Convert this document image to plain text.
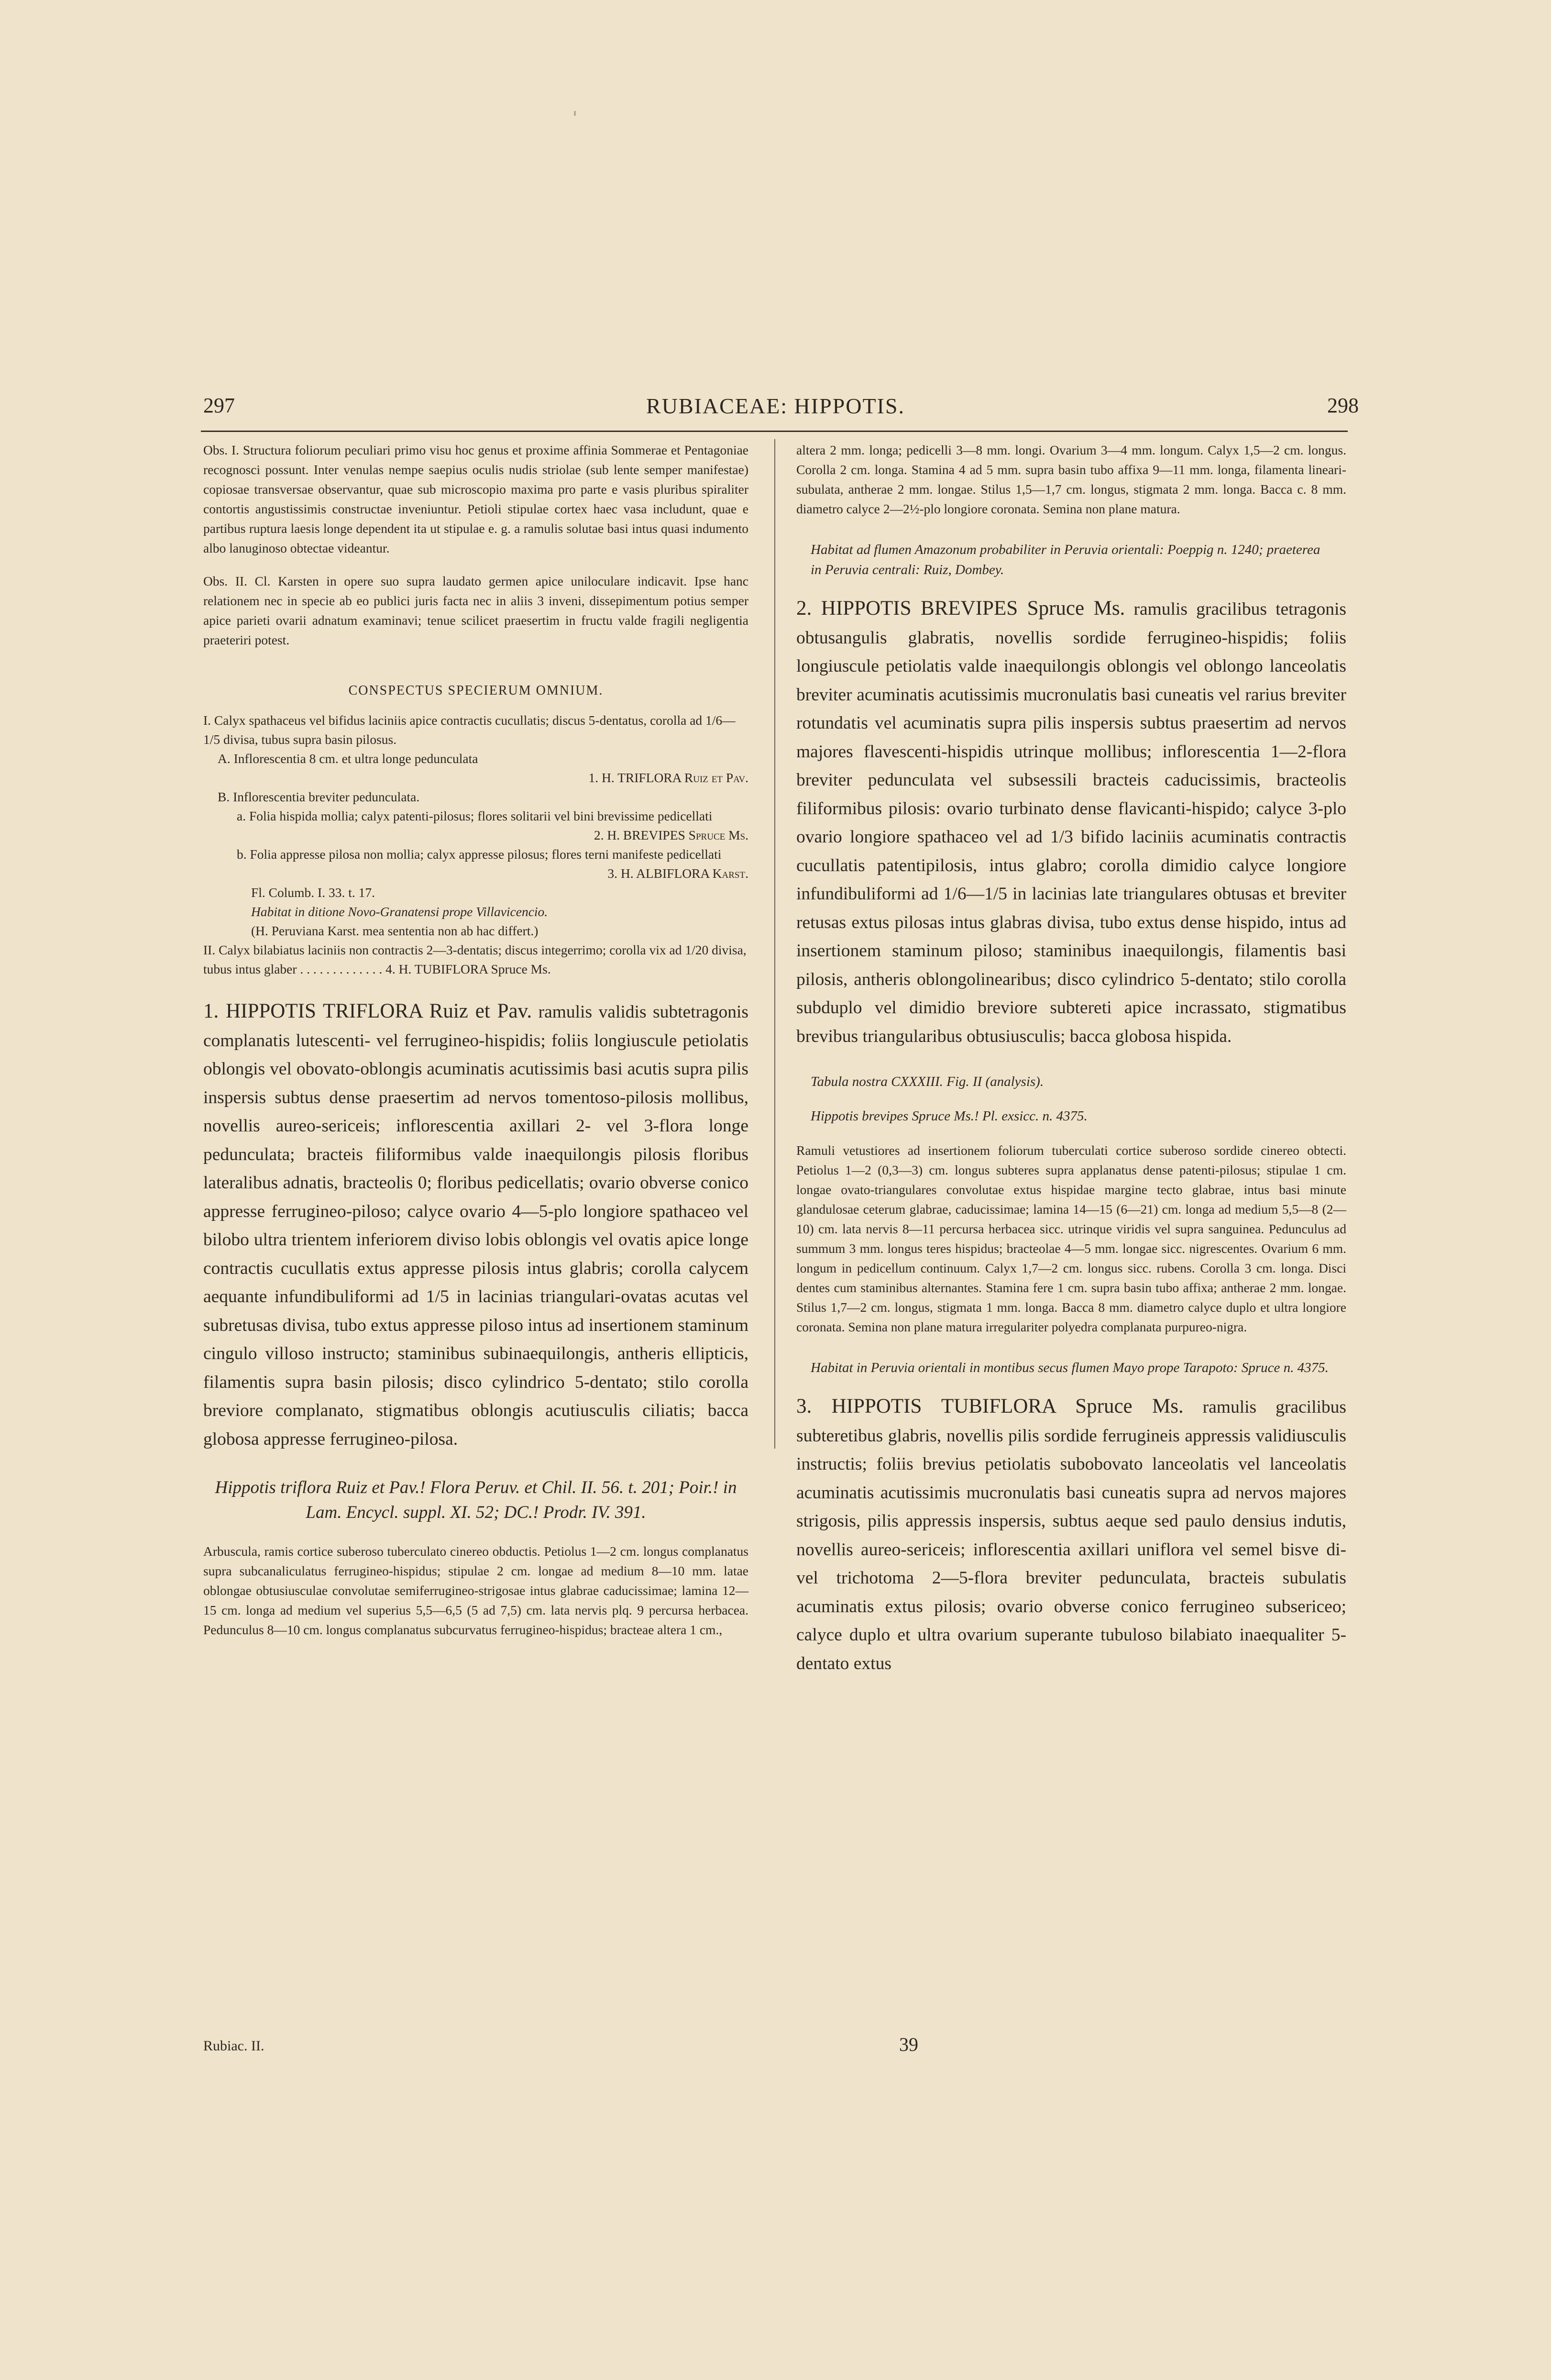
297	RUBIACEAE: HIPPOTIS.	298

Obs. I. Structura foliorum peculiari primo visu hoc genus et proxime affinia Sommerae et Pentagoniae recognosci possunt. Inter venulas nempe saepius oculis nudis striolae (sub lente semper manifestae) copiosae transversae observantur, quae sub microscopio maxima pro parte e vasis pluribus spiraliter contortis angustissimis constructae inveniuntur. Petioli stipulae cortex haec vasa includunt, quae e partibus ruptura laesis longe dependent ita ut stipulae e. g. a ramulis solutae basi intus quasi indumento albo lanuginoso obtectae videantur.

Obs. II. Cl. Karsten in opere suo supra laudato germen apice uniloculare indicavit. Ipse hanc relationem nec in specie ab eo publici juris facta nec in aliis 3 inveni, dissepimentum potius semper apice parieti ovarii adnatum examinavi; tenue scilicet praesertim in fructu valde fragili negligentia praeteriri potest.

CONSPECTUS SPECIERUM OMNIUM.

I. Calyx spathaceus vel bifidus laciniis apice contractis cucullatis; discus 5-dentatus, corolla ad 1/6—1/5 divisa, tubus supra basin pilosus.

A. Inflorescentia 8 cm. et ultra longe pedunculata

1. H. TRIFLORA Ruiz et Pav.

B. Inflorescentia breviter pedunculata.

a. Folia hispida mollia; calyx patenti-pilosus; flores solitarii vel bini brevissime pedicellati

2. H. BREVIPES Spruce Ms.

b. Folia appresse pilosa non mollia; calyx appresse pilosus; flores terni manifeste pedicellati

3. H. ALBIFLORA Karst.

Fl. Columb. I. 33. t. 17.

Habitat in ditione Novo-Granatensi prope Villavicencio.

(H. Peruviana Karst. mea sententia non ab hac differt.)

II. Calyx bilabiatus laciniis non contractis 2—3-dentatis; discus integerrimo; corolla vix ad 1/20 divisa, tubus intus glaber . . . . . . . . . . . . . 4. H. TUBIFLORA Spruce Ms.

1. HIPPOTIS TRIFLORA Ruiz et Pav. ramulis validis subtetragonis complanatis lutescenti- vel ferrugineo-hispidis; foliis longiuscule petiolatis oblongis vel obovato-oblongis acuminatis acutissimis basi acutis supra pilis inspersis subtus dense praesertim ad nervos tomentoso-pilosis mollibus, novellis aureo-sericeis; inflorescentia axillari 2- vel 3-flora longe pedunculata; bracteis filiformibus valde inaequilongis pilosis floribus lateralibus adnatis, bracteolis 0; floribus pedicellatis; ovario obverse conico appresse ferrugineo-piloso; calyce ovario 4—5-plo longiore spathaceo vel bilobo ultra trientem inferiorem diviso lobis oblongis vel ovatis apice longe contractis cucullatis extus appresse pilosis intus glabris; corolla calycem aequante infundibuliformi ad 1/5 in lacinias triangulari-ovatas acutas vel subretusas divisa, tubo extus appresse piloso intus ad insertionem staminum cingulo villoso instructo; staminibus subinaequilongis, antheris ellipticis, filamentis supra basin pilosis; disco cylindrico 5-dentato; stilo corolla breviore complanato, stigmatibus oblongis acutiusculis ciliatis; bacca globosa appresse ferrugineo-pilosa.

Hippotis triflora Ruiz et Pav.! Flora Peruv. et Chil. II. 56. t. 201; Poir.! in Lam. Encycl. suppl. XI. 52; DC.! Prodr. IV. 391.

Arbuscula, ramis cortice suberoso tuberculato cinereo obductis. Petiolus 1—2 cm. longus complanatus supra subcanaliculatus ferrugineo-hispidus; stipulae 2 cm. longae ad medium 8—10 mm. latae oblongae obtusiusculae convolutae semiferrugineo-strigosae intus glabrae caducissimae; lamina 12—15 cm. longa ad medium vel superius 5,5—6,5 (5 ad 7,5) cm. lata nervis plq. 9 percursa herbacea. Pedunculus 8—10 cm. longus complanatus subcurvatus ferrugineo-hispidus; bracteae altera 1 cm.,

altera 2 mm. longa; pedicelli 3—8 mm. longi. Ovarium 3—4 mm. longum. Calyx 1,5—2 cm. longus. Corolla 2 cm. longa. Stamina 4 ad 5 mm. supra basin tubo affixa 9—11 mm. longa, filamenta lineari-subulata, antherae 2 mm. longae. Stilus 1,5—1,7 cm. longus, stigmata 2 mm. longa. Bacca c. 8 mm. diametro calyce 2—2½-plo longiore coronata. Semina non plane matura.

Habitat ad flumen Amazonum probabiliter in Peruvia orientali: Poeppig n. 1240; praeterea in Peruvia centrali: Ruiz, Dombey.

2. HIPPOTIS BREVIPES Spruce Ms. ramulis gracilibus tetragonis obtusangulis glabratis, novellis sordide ferrugineo-hispidis; foliis longiuscule petiolatis valde inaequilongis oblongis vel oblongo lanceolatis breviter acuminatis acutissimis mucronulatis basi cuneatis vel rarius breviter rotundatis vel acuminatis supra pilis inspersis subtus praesertim ad nervos majores flavescenti-hispidis utrinque mollibus; inflorescentia 1—2-flora breviter pedunculata vel subsessili bracteis caducissimis, bracteolis filiformibus pilosis: ovario turbinato dense flavicanti-hispido; calyce 3-plo ovario longiore spathaceo vel ad 1/3 bifido laciniis acuminatis contractis cucullatis patentipilosis, intus glabro; corolla dimidio calyce longiore infundibuliformi ad 1/6—1/5 in lacinias late triangulares obtusas et breviter retusas extus pilosas intus glabras divisa, tubo extus dense hispido, intus ad insertionem staminum piloso; staminibus inaequilongis, filamentis basi pilosis, antheris oblongolinearibus; disco cylindrico 5-dentato; stilo corolla subduplo vel dimidio breviore subtereti apice incrassato, stigmatibus brevibus triangularibus obtusiusculis; bacca globosa hispida.

Tabula nostra CXXXIII. Fig. II (analysis).

Hippotis brevipes Spruce Ms.! Pl. exsicc. n. 4375.

Ramuli vetustiores ad insertionem foliorum tuberculati cortice suberoso sordide cinereo obtecti. Petiolus 1—2 (0,3—3) cm. longus subteres supra applanatus dense patenti-pilosus; stipulae 1 cm. longae ovato-triangulares convolutae extus hispidae margine tecto glabrae, intus basi minute glandulosae ceterum glabrae, caducissimae; lamina 14—15 (6—21) cm. longa ad medium 5,5—8 (2—10) cm. lata nervis 8—11 percursa herbacea sicc. utrinque viridis vel supra sanguinea. Pedunculus ad summum 3 mm. longus teres hispidus; bracteolae 4—5 mm. longae sicc. nigrescentes. Ovarium 6 mm. longum in pedicellum continuum. Calyx 1,7—2 cm. longus sicc. rubens. Corolla 3 cm. longa. Disci dentes cum staminibus alternantes. Stamina fere 1 cm. supra basin tubo affixa; antherae 2 mm. longae. Stilus 1,7—2 cm. longus, stigmata 1 mm. longa. Bacca 8 mm. diametro calyce duplo et ultra longiore coronata. Semina non plane matura irregulariter polyedra complanata purpureo-nigra.

Habitat in Peruvia orientali in montibus secus flumen Mayo prope Tarapoto: Spruce n. 4375.

3. HIPPOTIS TUBIFLORA Spruce Ms. ramulis gracilibus subteretibus glabris, novellis pilis sordide ferrugineis appressis validiusculis instructis; foliis brevius petiolatis subobovato lanceolatis vel lanceolatis acuminatis acutissimis mucronulatis basi cuneatis supra ad nervos majores strigosis, pilis appressis inspersis, subtus aeque sed paulo densius indutis, novellis aureo-sericeis; inflorescentia axillari uniflora vel semel bisve di- vel trichotoma 2—5-flora breviter pedunculata, bracteis subulatis acuminatis extus pilosis; ovario obverse conico ferrugineo subsericeo; calyce duplo et ultra ovarium superante tubuloso bilabiato inaequaliter 5-dentato extus

Rubiac. II.	39
